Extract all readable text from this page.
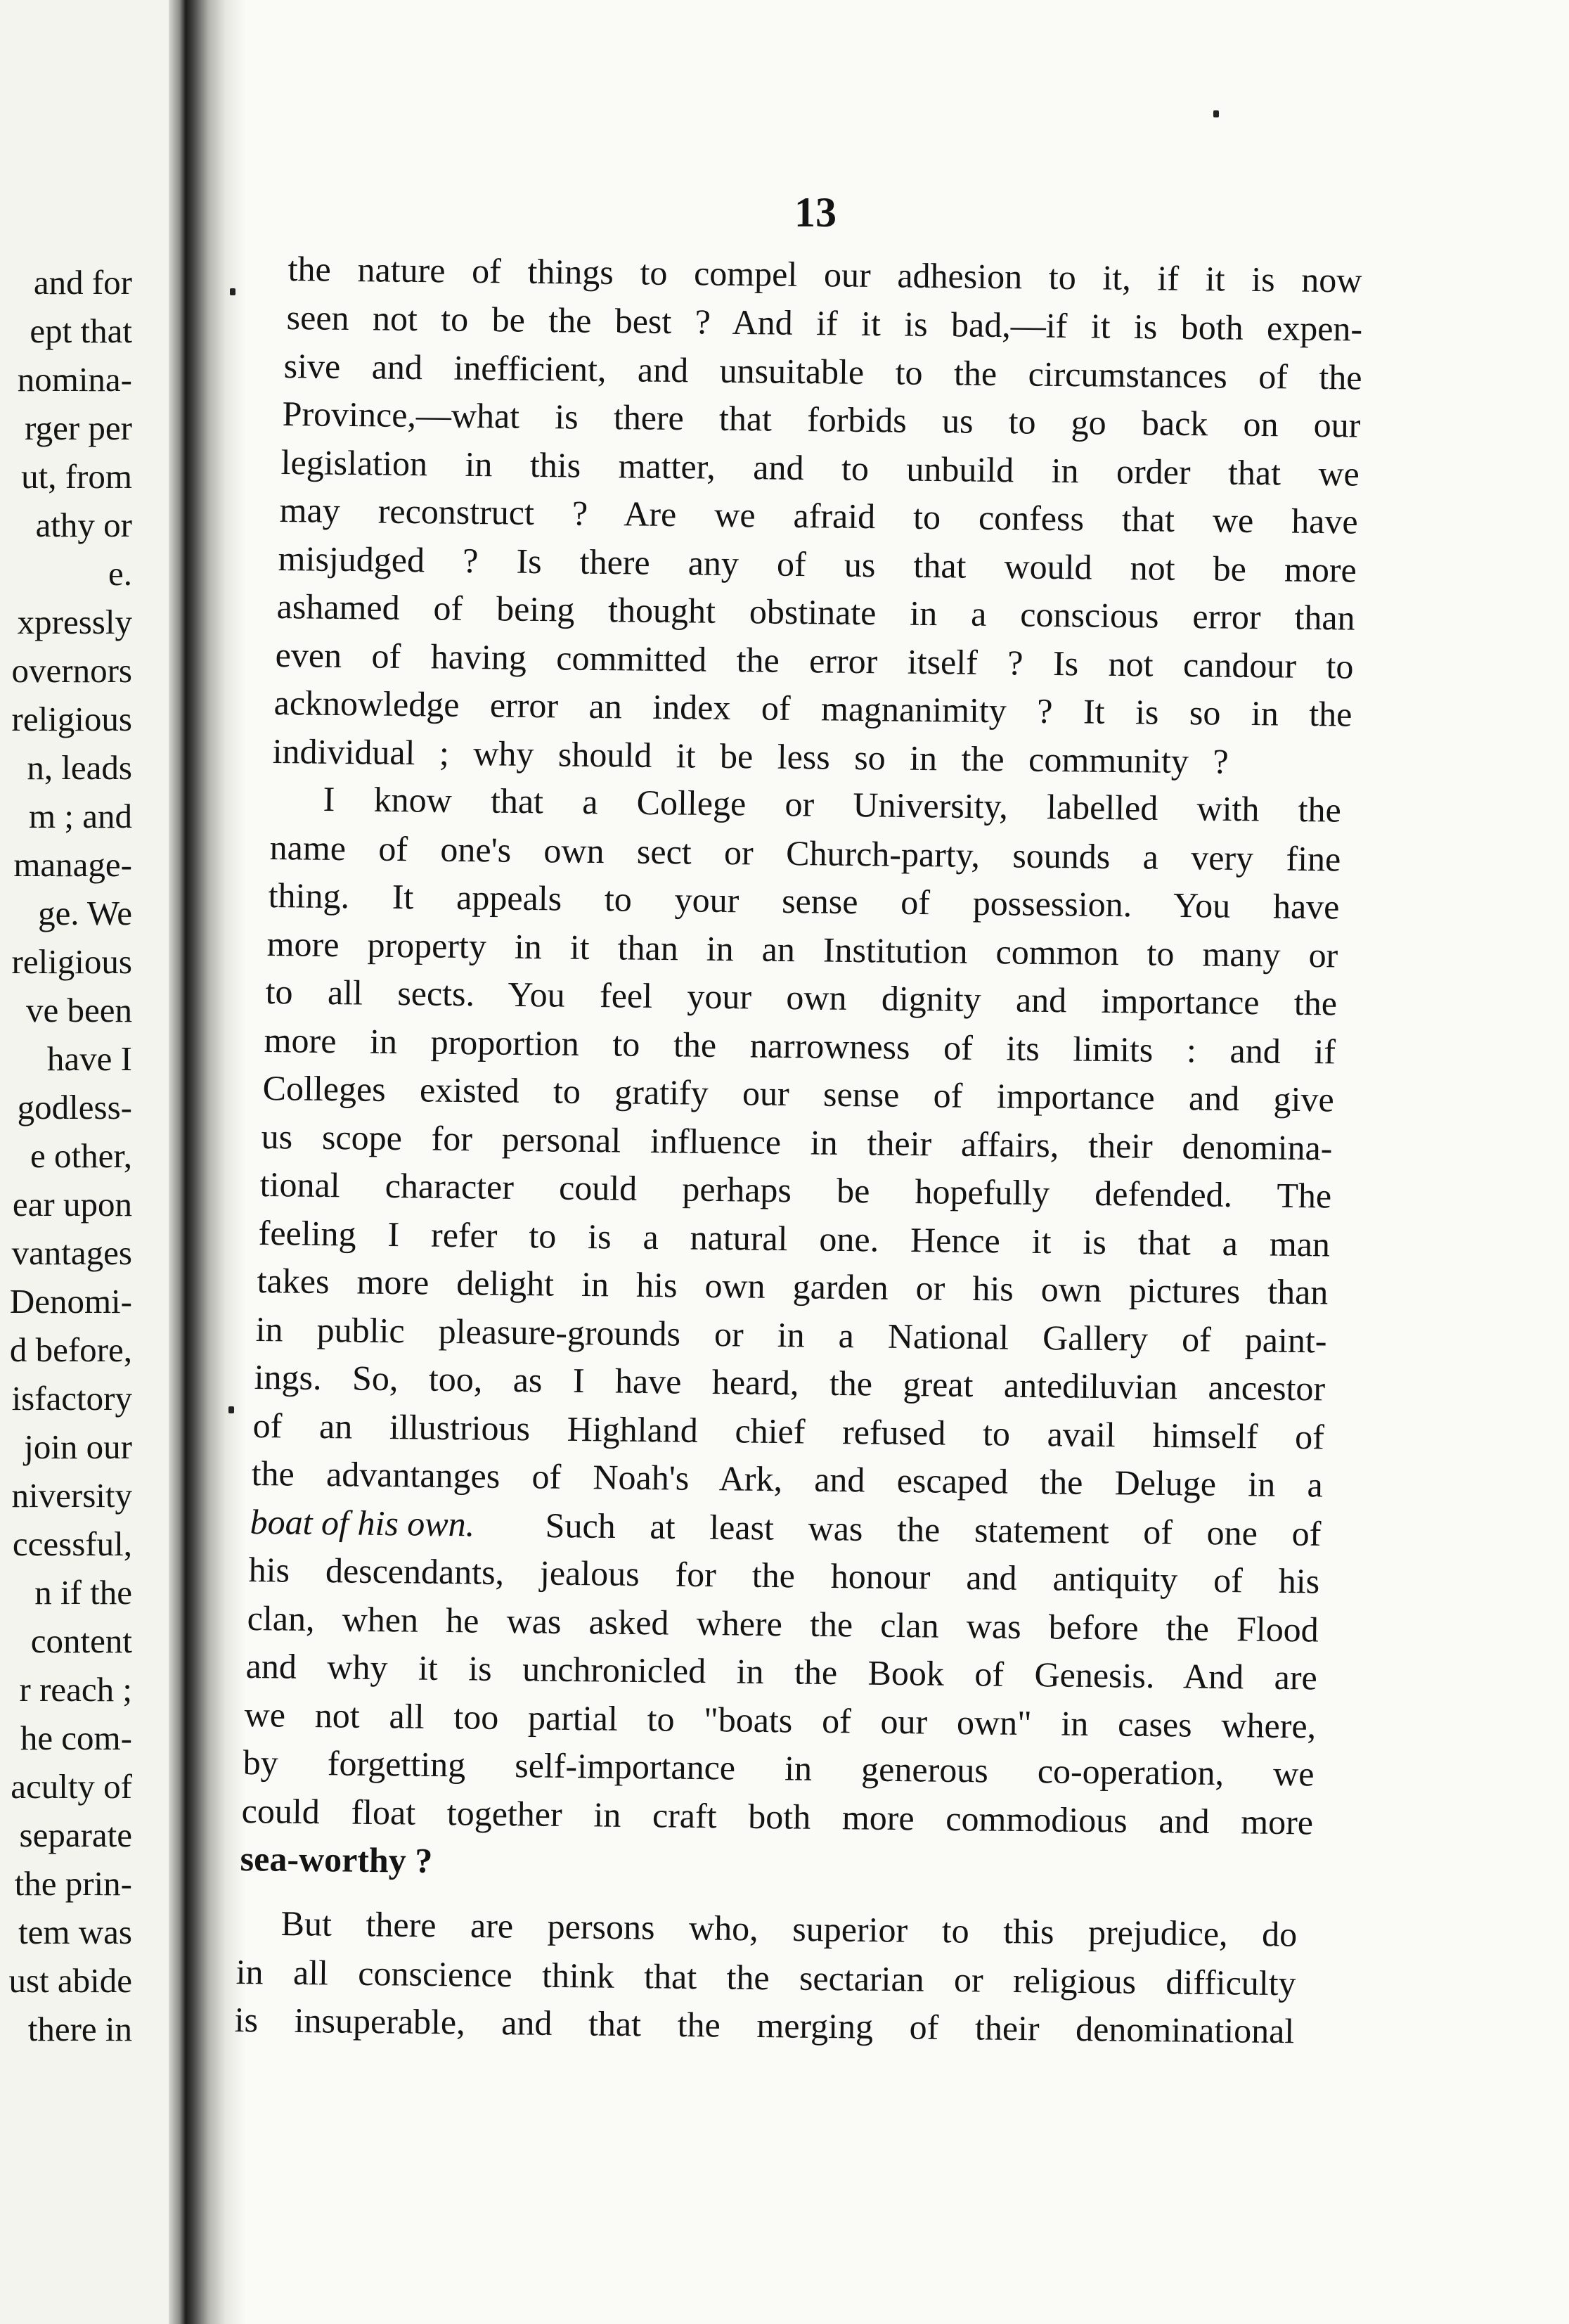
and for
ept that
nomina-
rger per
ut, from
athy or
e.
xpressly
overnors
religious
n, leads
m ; and
manage-
ge. We
religious
ve been
have I
godless-
e other,
ear upon
vantages
Denomi-
d before,
isfactory
join our
niversity
ccessful,
n if the
content
r reach ;
he com-
aculty of
separate
the prin-
tem was
ust abide
there in
13
the nature of things to compel our adhesion to it, if it is now
seen not to be the best ? And if it is bad,—if it is both expen-
sive and inefficient, and unsuitable to the circumstances of the
Province,—what is there that forbids us to go back on our
legislation in this matter, and to unbuild in order that we
may reconstruct ? Are we afraid to confess that we have
misjudged ? Is there any of us that would not be more
ashamed of being thought obstinate in a conscious error than
even of having committed the error itself ? Is not candour to
acknowledge error an index of magnanimity ? It is so in the
individual ; why should it be less so in the community ?
I know that a College or University, labelled with the
name of one's own sect or Church-party, sounds a very fine
thing. It appeals to your sense of possession. You have
more property in it than in an Institution common to many or
to all sects. You feel your own dignity and importance the
more in proportion to the narrowness of its limits : and if
Colleges existed to gratify our sense of importance and give
us scope for personal influence in their affairs, their denomina-
tional character could perhaps be hopefully defended. The
feeling I refer to is a natural one. Hence it is that a man
takes more delight in his own garden or his own pictures than
in public pleasure-grounds or in a National Gallery of paint-
ings. So, too, as I have heard, the great antediluvian ancestor
of an illustrious Highland chief refused to avail himself of
the advantanges of Noah's Ark, and escaped the Deluge in a
boat of his own. Such at least was the statement of one of
his descendants, jealous for the honour and antiquity of his
clan, when he was asked where the clan was before the Flood
and why it is unchronicled in the Book of Genesis. And are
we not all too partial to "boats of our own" in cases where,
by forgetting self-importance in generous co-operation, we
could float together in craft both more commodious and more
sea-worthy ?
But there are persons who, superior to this prejudice, do
in all conscience think that the sectarian or religious difficulty
is insuperable, and that the merging of their denominational
